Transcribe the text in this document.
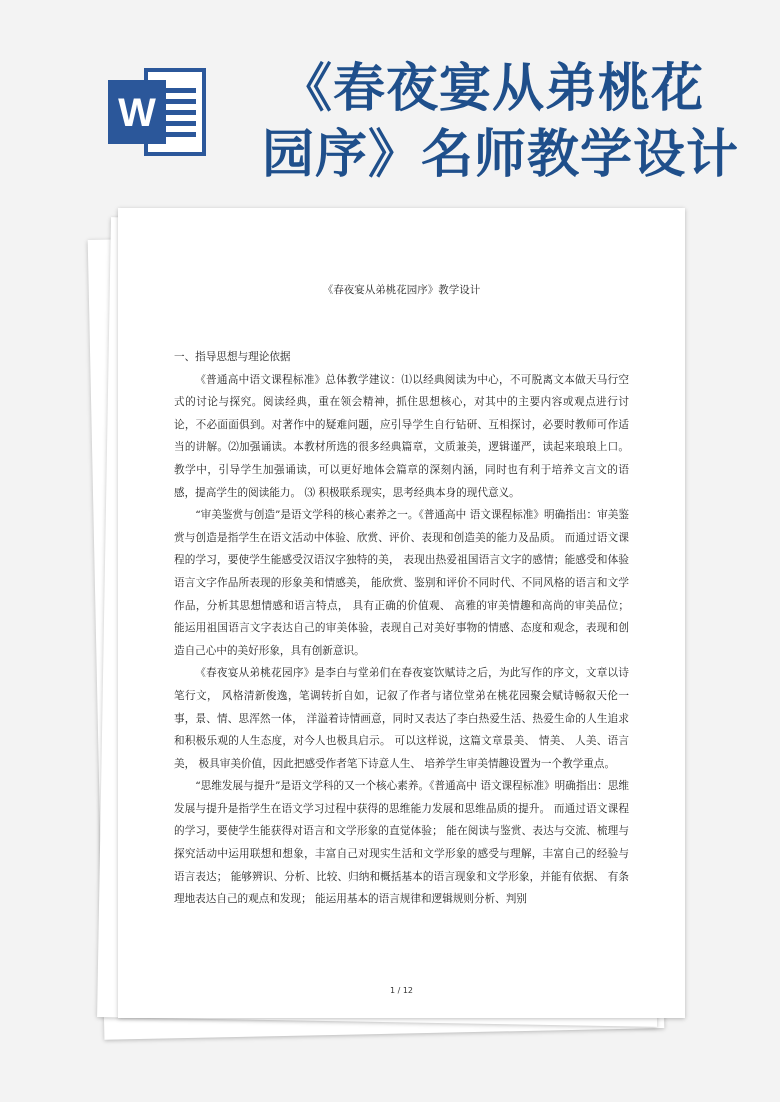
W	《春夜宴从弟桃花
园序》名师教学设计
《春夜宴从弟桃花园序》教学设计

一、指导思想与理论依据

《普通高中语文课程标准》总体教学建议：⑴以经典阅读为中心，不可脱离文本做天马行空式的讨论与探究。阅读经典，重在领会精神，抓住思想核心，对其中的主要内容或观点进行讨论，不必面面俱到。对著作中的疑难问题，应引导学生自行钻研、互相探讨，必要时教师可作适当的讲解。⑵加强诵读。本教材所选的很多经典篇章，文质兼美，逻辑谨严，读起来琅琅上口。教学中，引导学生加强诵读，可以更好地体会篇章的深刻内涵，同时也有利于培养文言文的语感，提高学生的阅读能力。 ⑶ 积极联系现实，思考经典本身的现代意义。

“审美鉴赏与创造”是语文学科的核心素养之一。《普通高中 语文课程标准》明确指出：审美鉴赏与创造是指学生在语文活动中体验、欣赏、评价、表现和创造美的能力及品质。 而通过语文课程的学习，要使学生能感受汉语汉字独特的美， 表现出热爱祖国语言文字的感情；能感受和体验语言文字作品所表现的形象美和情感美， 能欣赏、鉴别和评价不同时代、不同风格的语言和文学作品，分析其思想情感和语言特点， 具有正确的价值观、 高雅的审美情趣和高尚的审美品位； 能运用祖国语言文字表达自己的审美体验，表现自己对美好事物的情感、态度和观念，表现和创造自己心中的美好形象，具有创新意识。

《春夜宴从弟桃花园序》是李白与堂弟们在春夜宴饮赋诗之后，为此写作的序文，文章以诗笔行文， 风格清新俊逸，笔调转折自如，记叙了作者与诸位堂弟在桃花园聚会赋诗畅叙天伦一事，景、情、思浑然一体， 洋溢着诗情画意，同时又表达了李白热爱生活、热爱生命的人生追求和积极乐观的人生态度，对今人也极具启示。 可以这样说，这篇文章景美、 情美、 人美、语言美， 极具审美价值，因此把感受作者笔下诗意人生、 培养学生审美情趣设置为一个教学重点。

“思维发展与提升”是语文学科的又一个核心素养。《普通高中 语文课程标准》明确指出：思维发展与提升是指学生在语文学习过程中获得的思维能力发展和思维品质的提升。 而通过语文课程的学习，要使学生能获得对语言和文学形象的直觉体验； 能在阅读与鉴赏、表达与交流、梳理与探究活动中运用联想和想象，丰富自己对现实生活和文学形象的感受与理解，丰富自己的经验与语言表达； 能够辨识、分析、比较、归纳和概括基本的语言现象和文学形象，并能有依据、 有条理地表达自己的观点和发现； 能运用基本的语言规律和逻辑规则分析、判别

1 / 12
